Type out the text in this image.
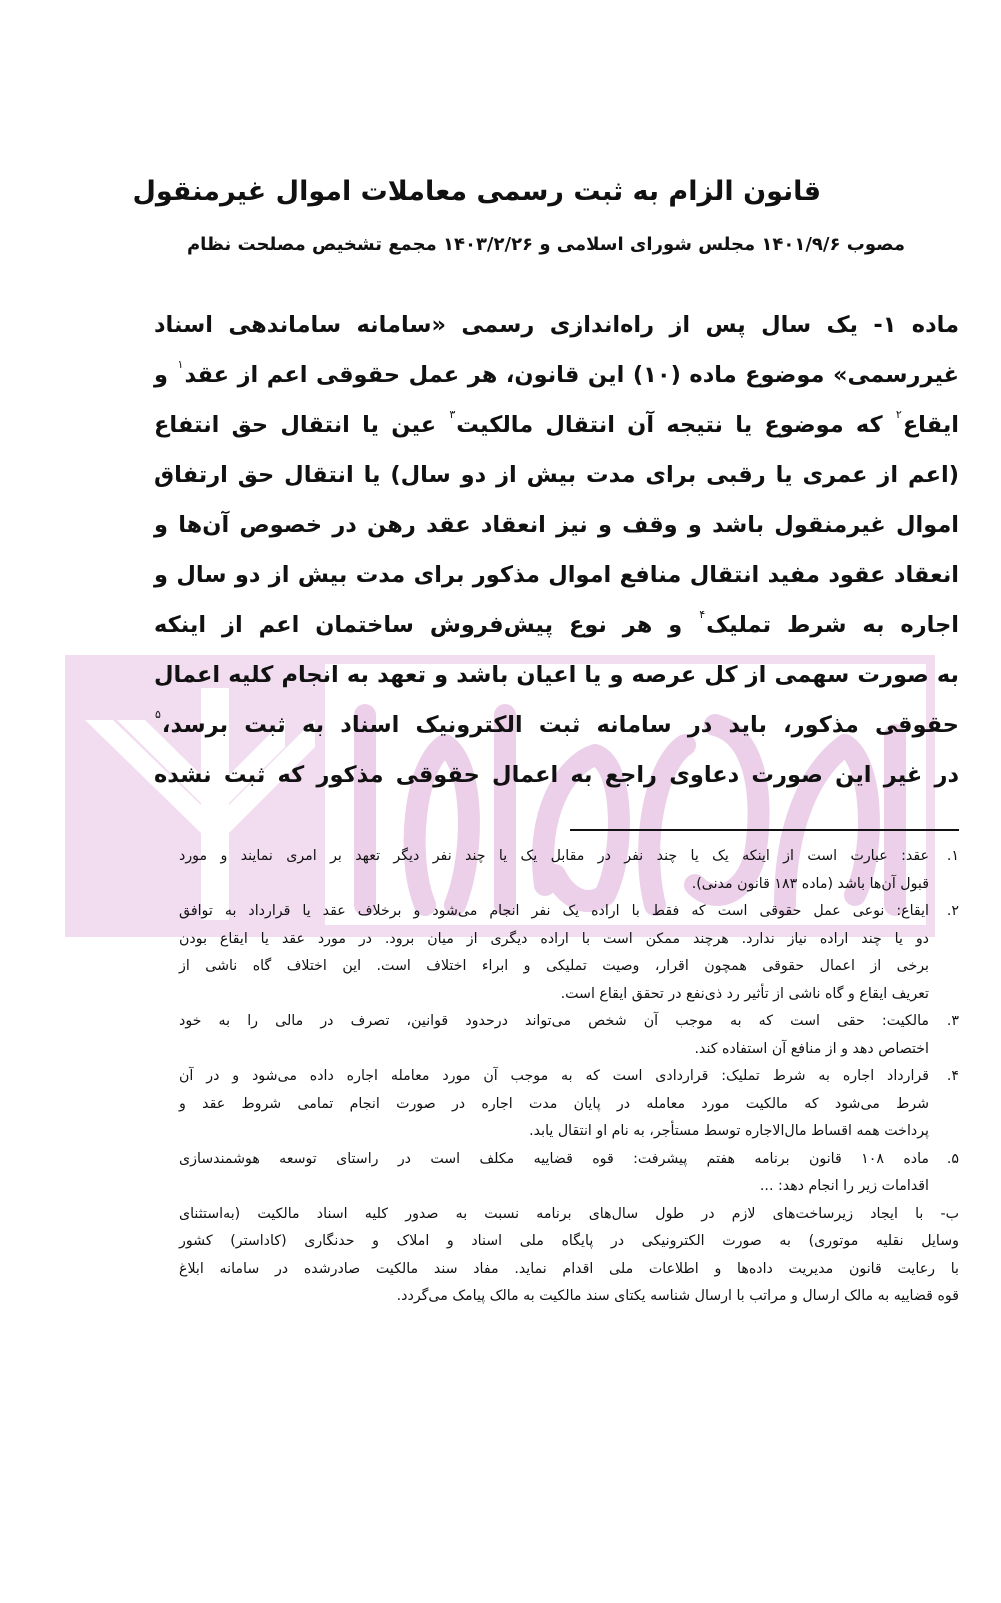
قانون الزام به ثبت رسمی معاملات اموال غیرمنقول
مصوب ۱۴۰۱/۹/۶ مجلس شورای اسلامی و ۱۴۰۳/۲/۲۶ مجمع تشخیص مصلحت نظام
ماده ۱- یک سال پس از راه‌اندازی رسمی «سامانه ساماندهی اسناد
غیررسمی» موضوع ماده (۱۰) این قانون، هر عمل حقوقی اعم از عقد$^۱$ و
ایقاع$^۲$ که موضوع یا نتیجه آن انتقال مالکیت$^۳$ عین یا انتقال حق انتفاع
(اعم از عمری یا رقبی برای مدت بیش از دو سال) یا انتقال حق ارتفاق
اموال غیرمنقول باشد و وقف و نیز انعقاد عقد رهن در خصوص آن‌ها و
انعقاد عقود مفید انتقال منافع اموال مذکور برای مدت بیش از دو سال و
اجاره به شرط تملیک$^۴$ و هر نوع پیش‌فروش ساختمان اعم از اینکه
به صورت سهمی از کل عرصه و یا اعیان باشد و تعهد به انجام کلیه اعمال
حقوقی مذکور، باید در سامانه ثبت الکترونیک اسناد به ثبت برسد،$^۵$
در غیر این صورت دعاوی راجع به اعمال حقوقی مذکور که ثبت نشده
۱.
عقد: عبارت است از اینکه یک یا چند نفر در مقابل یک یا چند نفر دیگر تعهد بر امری نمایند و مورد
قبول آن‌ها باشد (ماده ۱۸۳ قانون مدنی).
۲.
ایقاع: نوعی عمل حقوقی است که فقط با اراده یک نفر انجام می‌شود و برخلاف عقد یا قرارداد به توافق
دو یا چند اراده نیاز ندارد. هرچند ممکن است با اراده دیگری از میان برود. در مورد عقد یا ایقاع بودن
برخی از اعمال حقوقی همچون اقرار، وصیت تملیکی و ابراء اختلاف است. این اختلاف گاه ناشی از
تعریف ایقاع و گاه ناشی از تأثیر رد ذی‌نفع در تحقق ایقاع است.
۳.
مالکیت: حقی است که به موجب آن شخص می‌تواند درحدود قوانین، تصرف در مالی را به خود
اختصاص دهد و از منافع آن استفاده کند.
۴.
قرارداد اجاره به شرط تملیک: قراردادی است که به موجب آن مورد معامله اجاره داده می‌شود و در آن
شرط می‌شود که مالکیت مورد معامله در پایان مدت اجاره در صورت انجام تمامی شروط عقد و
پرداخت همه اقساط مال‌الاجاره توسط مستأجر، به نام او انتقال یابد.
۵.
ماده ۱۰۸ قانون برنامه هفتم پیشرفت: قوه قضاییه مکلف است در راستای توسعه هوشمندسازی
اقدامات زیر را انجام دهد: ...
ب- با ایجاد زیرساخت‌های لازم در طول سال‌های برنامه نسبت به صدور کلیه اسناد مالکیت (به‌استثنای
وسایل نقلیه موتوری) به صورت الکترونیکی در پایگاه ملی اسناد و املاک و حدنگاری (کاداستر) کشور
با رعایت قانون مدیریت داده‌ها و اطلاعات ملی اقدام نماید. مفاد سند مالکیت صادرشده در سامانه ابلاغ
قوه قضاییه به مالک ارسال و مراتب با ارسال شناسه یکتای سند مالکیت به مالک پیامک می‌گردد.
